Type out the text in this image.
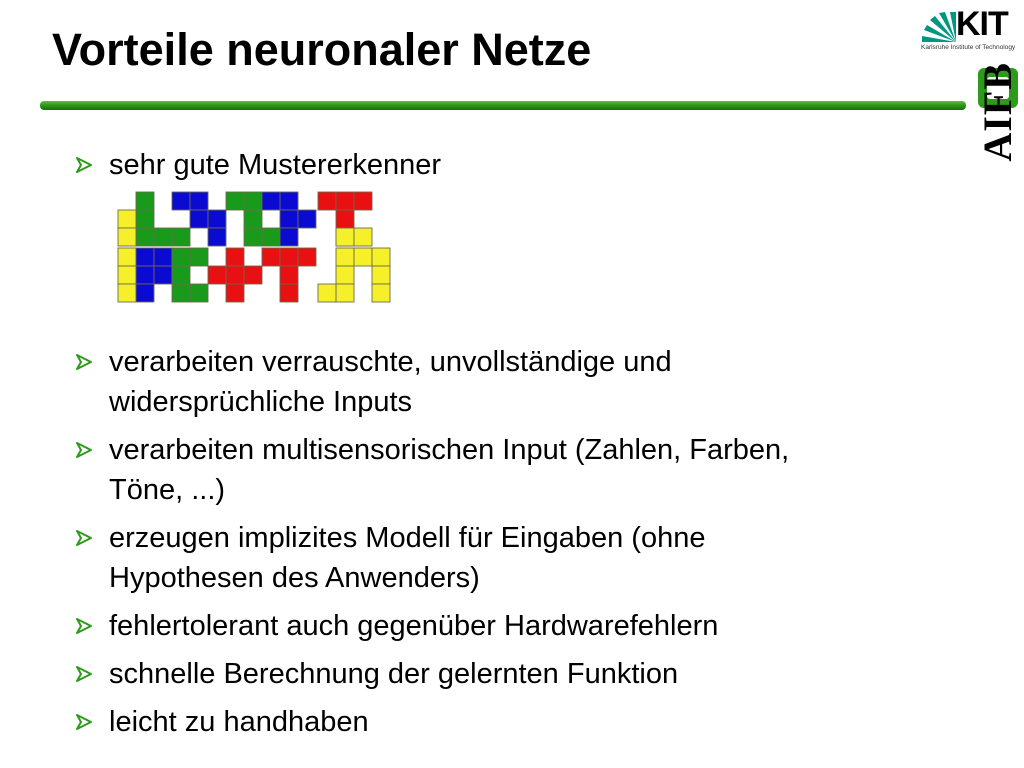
Vorteile neuronaler Netze	KIT
Karlsruhe Institute of Technology
AIFB
sehr gute Mustererkenner
verarbeiten verrauschte, unvollständige und
widersprüchliche Inputs
verarbeiten multisensorischen Input (Zahlen, Farben,
Töne, ...)
erzeugen implizites Modell für Eingaben (ohne
Hypothesen des Anwenders)
fehlertolerant auch gegenüber Hardwarefehlern
schnelle Berechnung der gelernten Funktion
leicht zu handhaben
